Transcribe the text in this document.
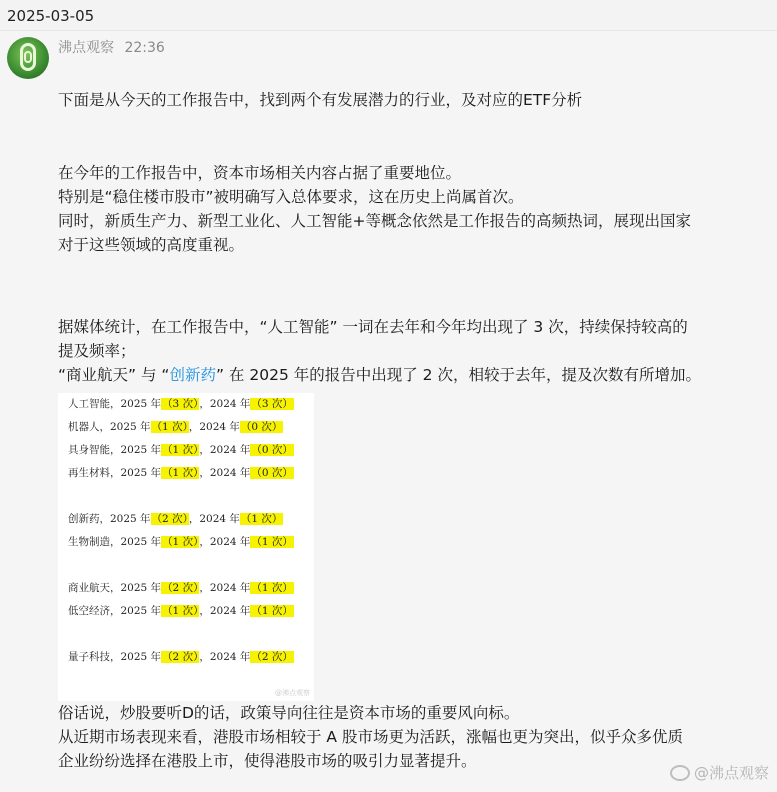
2025-03-05
沸点观察 22:36
下面是从今天的工作报告中，找到两个有发展潜力的行业，及对应的ETF分析
在今年的工作报告中，资本市场相关内容占据了重要地位。
特别是“稳住楼市股市”被明确写入总体要求，这在历史上尚属首次。
同时，新质生产力、新型工业化、人工智能+等概念依然是工作报告的高频热词，展现出国家
对于这些领域的高度重视。
据媒体统计，在工作报告中，“人工智能” 一词在去年和今年均出现了 3 次，持续保持较高的
提及频率；
“商业航天” 与 “创新药” 在 2025 年的报告中出现了 2 次，相较于去年，提及次数有所增加。
人工智能，2025 年（3 次），2024 年（3 次）
机器人，2025 年（1 次），2024 年（0 次）
具身智能，2025 年（1 次），2024 年（0 次）
再生材料，2025 年（1 次），2024 年（0 次）
创新药，2025 年（2 次），2024 年（1 次）
生物制造，2025 年（1 次），2024 年（1 次）
商业航天，2025 年（2 次），2024 年（1 次）
低空经济，2025 年（1 次），2024 年（1 次）
量子科技，2025 年（2 次），2024 年（2 次）
@沸点观察
俗话说，炒股要听D的话，政策导向往往是资本市场的重要风向标。
从近期市场表现来看，港股市场相较于 A 股市场更为活跃，涨幅也更为突出，似乎众多优质
企业纷纷选择在港股上市，使得港股市场的吸引力显著提升。
@沸点观察
